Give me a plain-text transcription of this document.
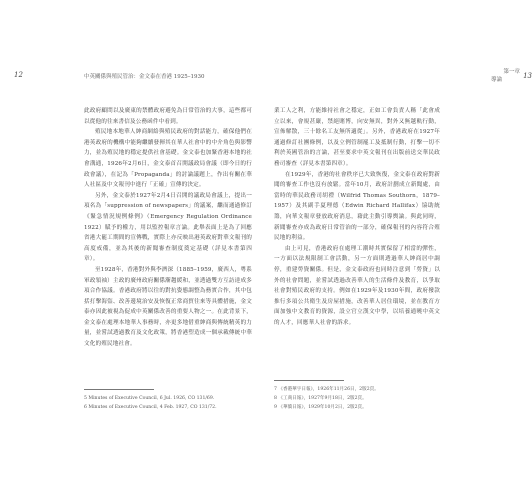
12	中英關係與殖民管治：金文泰在香港 1925–1930

此政府顧問以及廣東的禁體政府避免為日常管治的大事，這些都可以從他的往來書信及公務函件中看到。

殖民地本地華人紳商網絡與殖民政府的對話能力，確保他們在港英政府的機構中能夠繼續發揮其在華人社會中的中介角色與影響力，並為殖民地的穩定提供社會基礎。金文泰也加緊香港本地的社會溝通，1926年2月6日，金文泰首召開議政局會議（即今日的行政會議），在記為「Propaganda」的討論議題上，作出有關在華人社區及中文報刊中進行「正確」宣傳的決定。

另外，金文泰於1927年2月4日召開的議政局會議上，提出一項名為「suppression of newspapers」的議案，繼而通過修訂《緊急情況規例條例》（Emergency Regulation Ordinance 1922）賦予的權力，用以監控報章言論。此舉表面上是為了回應省港大罷工期間的宣傳戰，實際上亦反映出港英政府對華文報刊的高度戒備，並為其後的新聞審查制度奠定基礎（詳見本書第四章）。

至1928年，香港對外與李濟深（1885–1959，廣西人，粵系軍政領袖）主政的廣州政府關係漸趨緩和，並透過雙方互訪達成多項合作協議。香港政府將以往的對抗姿態調整為務實合作，其中包括打擊海盜、改善邊境治安及恢復正常商貿往來等具體措施，金文泰亦因此被視為促成中英關係改善的重要人物之一。在此背景下，金文泰在處理本地華人事務時，亦更多地借重紳商與傳統精英的力量，並嘗試透過教育及文化政策，將香港塑造成一個承載傳統中華文化的殖民地社會。

5 Minutes of Executive Council, 6 Jul. 1926, CO 131/69.
6 Minutes of Executive Council, 4 Feb. 1927, CO 131/72.
第一章
導論	13

業工人之利，方能維持社會之穩定，正如工會負責人稱「此會成立以來，會規甚嚴，禁絕賭博，向安無異，對外又無越軌行動，宣佈解散，三十餘名工友無所適從」。另外，香港政府在1927年通過修訂社團條例，以及立例管制罷工及抵制行動，打擊一切不利於英國管治的言論，甚至要求中英文報刊在出版前送交華民政務司審查（詳見本書第四章）。

在1929年，香港的社會秩序已大致恢復，金文泰在政府對新聞的審查工作也沒有放鬆。當年10月，政府計劃成立新聞處，由當時的華民政務司胡禮（Wilfrid Thomas Southorn，1879–1957）及其副手夏理德（Edwin Richard Hallifax）協助統籌，向華文報章發放政府消息，藉此主動引導輿論。與此同時，新聞審查亦成為政府日常管治的一部分，確保報刊的內容符合殖民地的利益。

由上可見，香港政府在處理工潮時其實保留了相當的彈性，一方面以法規限制工會活動，另一方面則透過華人紳商居中調停，重建勞資關係。但是，金文泰政府也同時注意到「勞資」以外的社會問題，並嘗試透過改善華人的生活條件及教育，以爭取社會對殖民政府的支持。例如在1929年及1930年間，政府撥款推行多項公共衛生及房屋措施，改善華人居住環境，並在教育方面加強中文教育的資源，設立官立漢文中學，以培養通曉中英文的人才，回應華人社會的訴求。

7 《香港華字日報》，1926年11月26日，2版2頁。
8 《工商日報》，1927年9月18日，2版2頁。
9 《華僑日報》，1929年10月2日，2版2頁。
